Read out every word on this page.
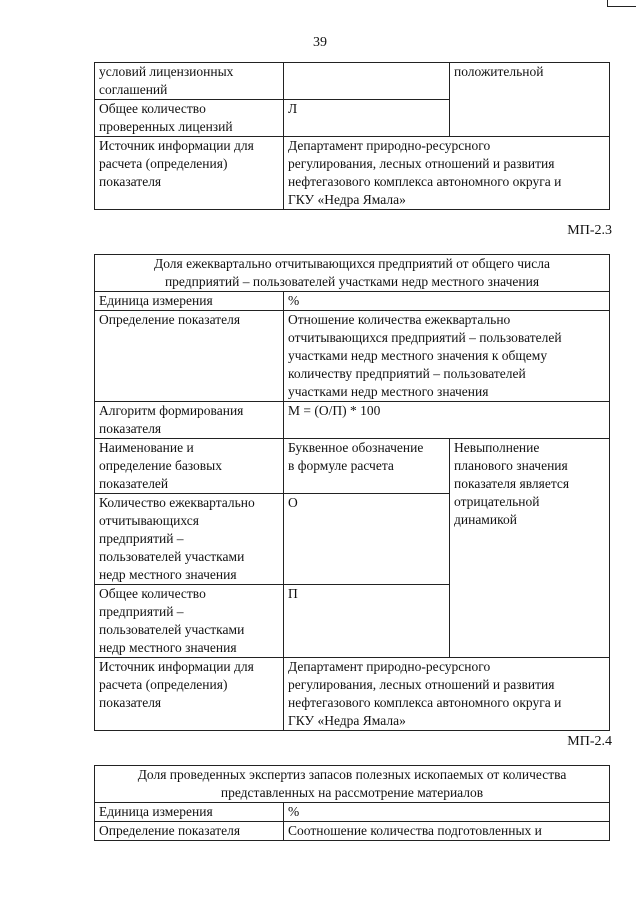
39
условий лицензионных
соглашений		положительной

Общее количество
проверенных лицензий	Л	

Источник информации для
расчета (определения)
показателя	Департамент природно-ресурсного
регулирования, лесных отношений и развития
нефтегазового комплекса автономного округа и
ГКУ «Недра Ямала»	
МП-2.3
Доля ежеквартально отчитывающихся предприятий от общего числа
предприятий – пользователей участками недр местного значения		

Единица измерения	%	
Определение показателя	Отношение количества ежеквартально
отчитывающихся предприятий – пользователей
участками недр местного значения к общему
количеству предприятий – пользователей
участками недр местного значения	

Алгоритм формирования
показателя	М = (О/П) * 100	

Наименование и
определение базовых
показателей	Буквенное обозначение
в формуле расчета	Невыполнение
планового значения
показателя является
отрицательной
динамикой

Количество ежеквартально
отчитывающихся
предприятий –
пользователей участками
недр местного значения	О	

Общее количество
предприятий –
пользователей участками
недр местного значения	П	

Источник информации для
расчета (определения)
показателя	Департамент природно-ресурсного
регулирования, лесных отношений и развития
нефтегазового комплекса автономного округа и
ГКУ «Недра Ямала»	
МП-2.4
Доля проведенных экспертиз запасов полезных ископаемых от количества
представленных на рассмотрение материалов	

Единица измерения	%
Определение показателя	Соотношение количества подготовленных и
